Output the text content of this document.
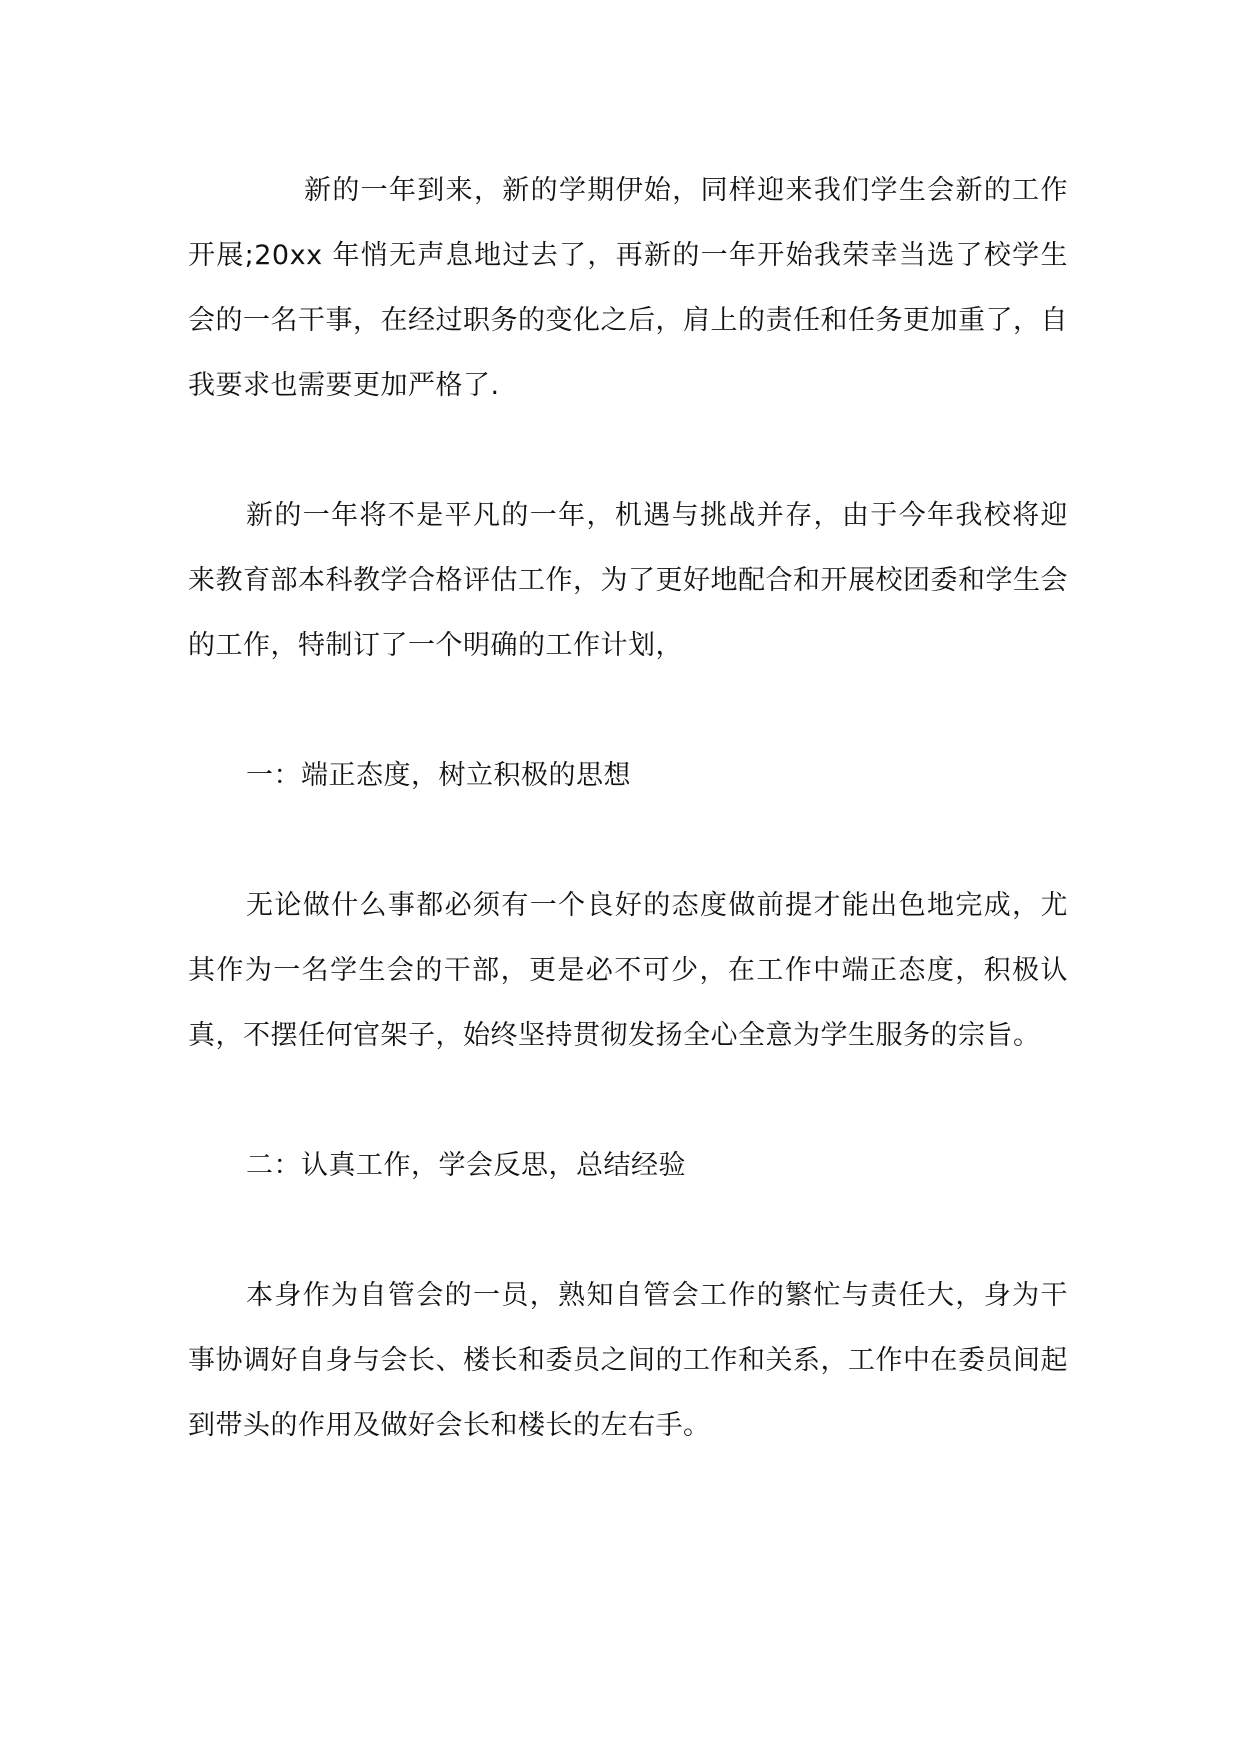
新的一年到来，新的学期伊始，同样迎来我们学生会新的工作开展;20xx 年悄无声息地过去了，再新的一年开始我荣幸当选了校学生会的一名干事，在经过职务的变化之后，肩上的责任和任务更加重了，自我要求也需要更加严格了.

新的一年将不是平凡的一年，机遇与挑战并存，由于今年我校将迎来教育部本科教学合格评估工作，为了更好地配合和开展校团委和学生会的工作，特制订了一个明确的工作计划，

一：端正态度，树立积极的思想

无论做什么事都必须有一个良好的态度做前提才能出色地完成，尤其作为一名学生会的干部，更是必不可少，在工作中端正态度，积极认真，不摆任何官架子，始终坚持贯彻发扬全心全意为学生服务的宗旨。

二：认真工作，学会反思，总结经验

本身作为自管会的一员，熟知自管会工作的繁忙与责任大，身为干事协调好自身与会长、楼长和委员之间的工作和关系，工作中在委员间起到带头的作用及做好会长和楼长的左右手。
